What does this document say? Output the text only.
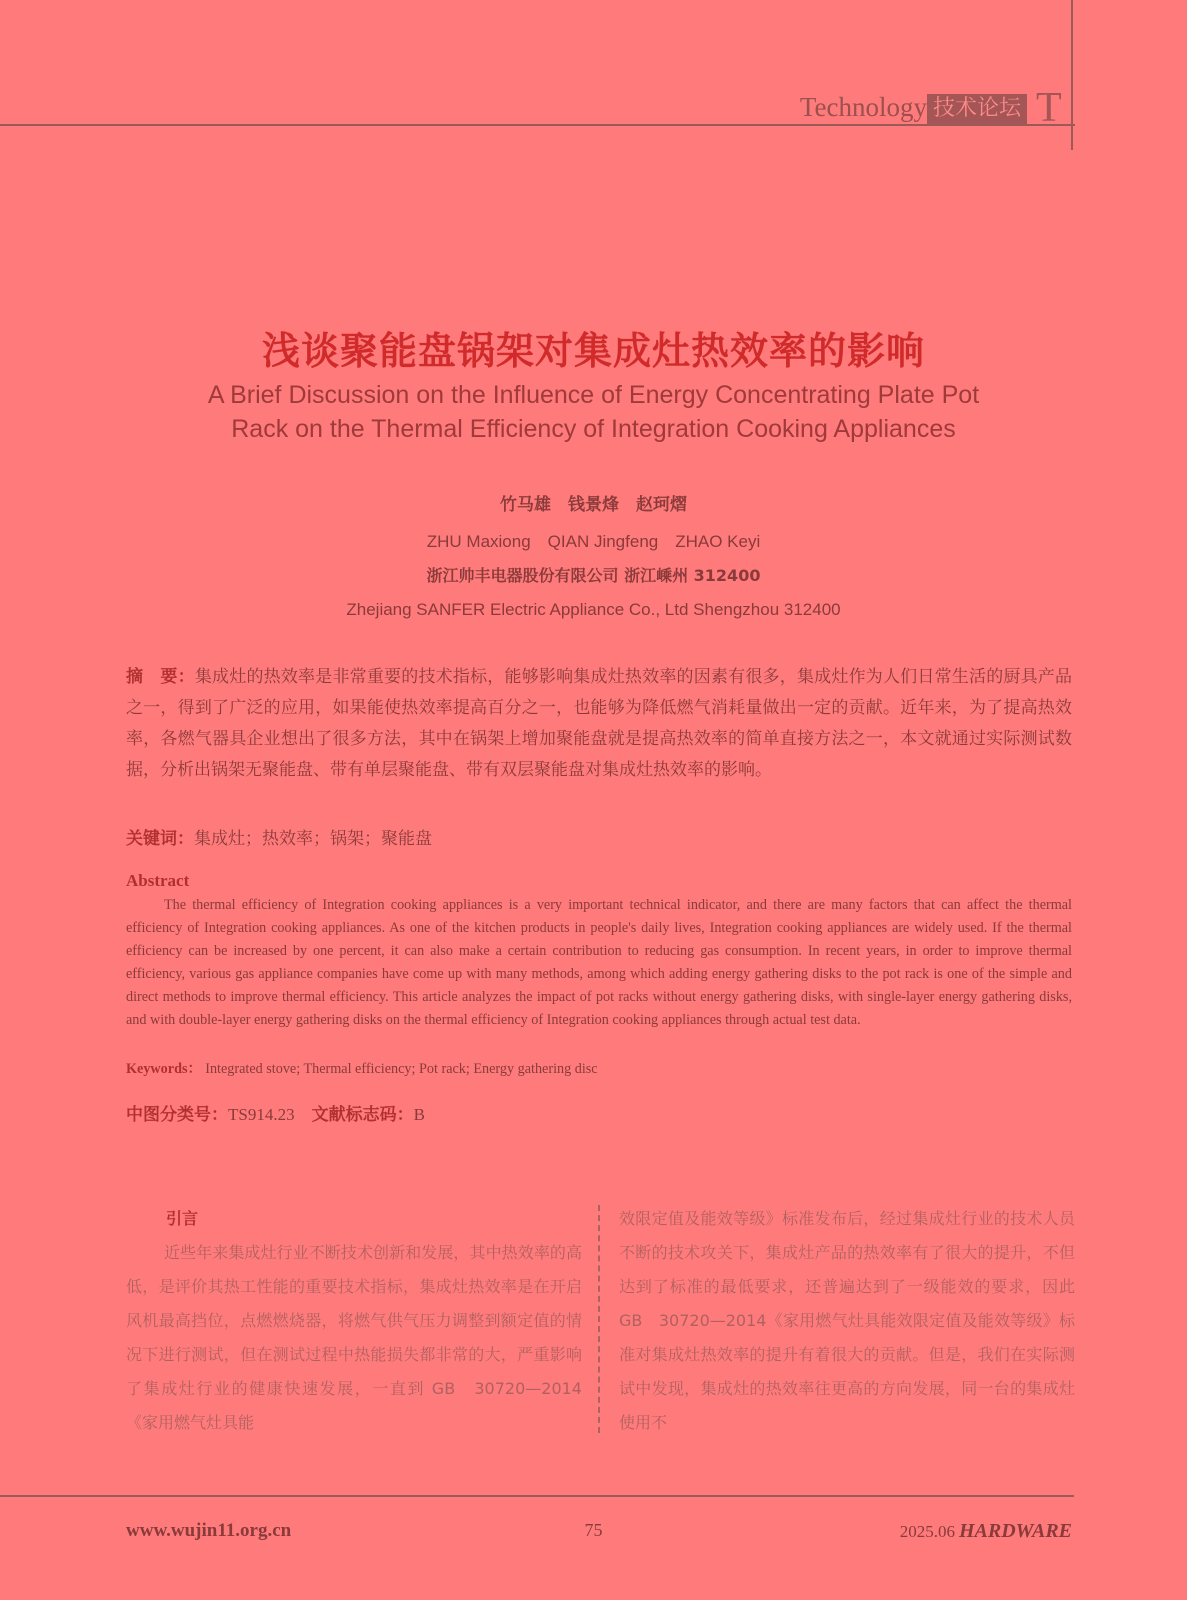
Technology 技术论坛 T
浅谈聚能盘锅架对集成灶热效率的影响
A Brief Discussion on the Influence of Energy Concentrating Plate Pot
Rack on the Thermal Efficiency of Integration Cooking Appliances
竹马雄　钱景烽　赵珂熠
ZHU Maxiong　QIAN Jingfeng　ZHAO Keyi
浙江帅丰电器股份有限公司 浙江嵊州 312400
Zhejiang SANFER Electric Appliance Co., Ltd Shengzhou 312400
摘　要：集成灶的热效率是非常重要的技术指标，能够影响集成灶热效率的因素有很多，集成灶作为人们日常生活的厨具产品之一，得到了广泛的应用，如果能使热效率提高百分之一，也能够为降低燃气消耗量做出一定的贡献。近年来，为了提高热效率，各燃气器具企业想出了很多方法，其中在锅架上增加聚能盘就是提高热效率的简单直接方法之一，本文就通过实际测试数据，分析出锅架无聚能盘、带有单层聚能盘、带有双层聚能盘对集成灶热效率的影响。
关键词：集成灶；热效率；锅架；聚能盘
Abstract
The thermal efficiency of Integration cooking appliances is a very important technical indicator, and there are many factors that can affect the thermal efficiency of Integration cooking appliances. As one of the kitchen products in people's daily lives, Integration cooking appliances are widely used. If the thermal efficiency can be increased by one percent, it can also make a certain contribution to reducing gas consumption. In recent years, in order to improve thermal efficiency, various gas appliance companies have come up with many methods, among which adding energy gathering disks to the pot rack is one of the simple and direct methods to improve thermal efficiency. This article analyzes the impact of pot racks without energy gathering disks, with single-layer energy gathering disks, and with double-layer energy gathering disks on the thermal efficiency of Integration cooking appliances through actual test data.
Keywords： Integrated stove; Thermal efficiency; Pot rack; Energy gathering disc
中图分类号：TS914.23 文献标志码：B
引言
近些年来集成灶行业不断技术创新和发展，其中热效率的高低，是评价其热工性能的重要技术指标，集成灶热效率是在开启风机最高挡位，点燃燃烧器，将燃气供气压力调整到额定值的情况下进行测试，但在测试过程中热能损失都非常的大，严重影响了集成灶行业的健康快速发展，一直到 GB　30720—2014《家用燃气灶具能
效限定值及能效等级》标准发布后，经过集成灶行业的技术人员不断的技术攻关下，集成灶产品的热效率有了很大的提升，不但达到了标准的最低要求，还普遍达到了一级能效的要求，因此 GB　30720—2014《家用燃气灶具能效限定值及能效等级》标准对集成灶热效率的提升有着很大的贡献。但是，我们在实际测试中发现，集成灶的热效率往更高的方向发展，同一台的集成灶使用不
www.wujin11.org.cn	75	2025.06 HARDWARE
